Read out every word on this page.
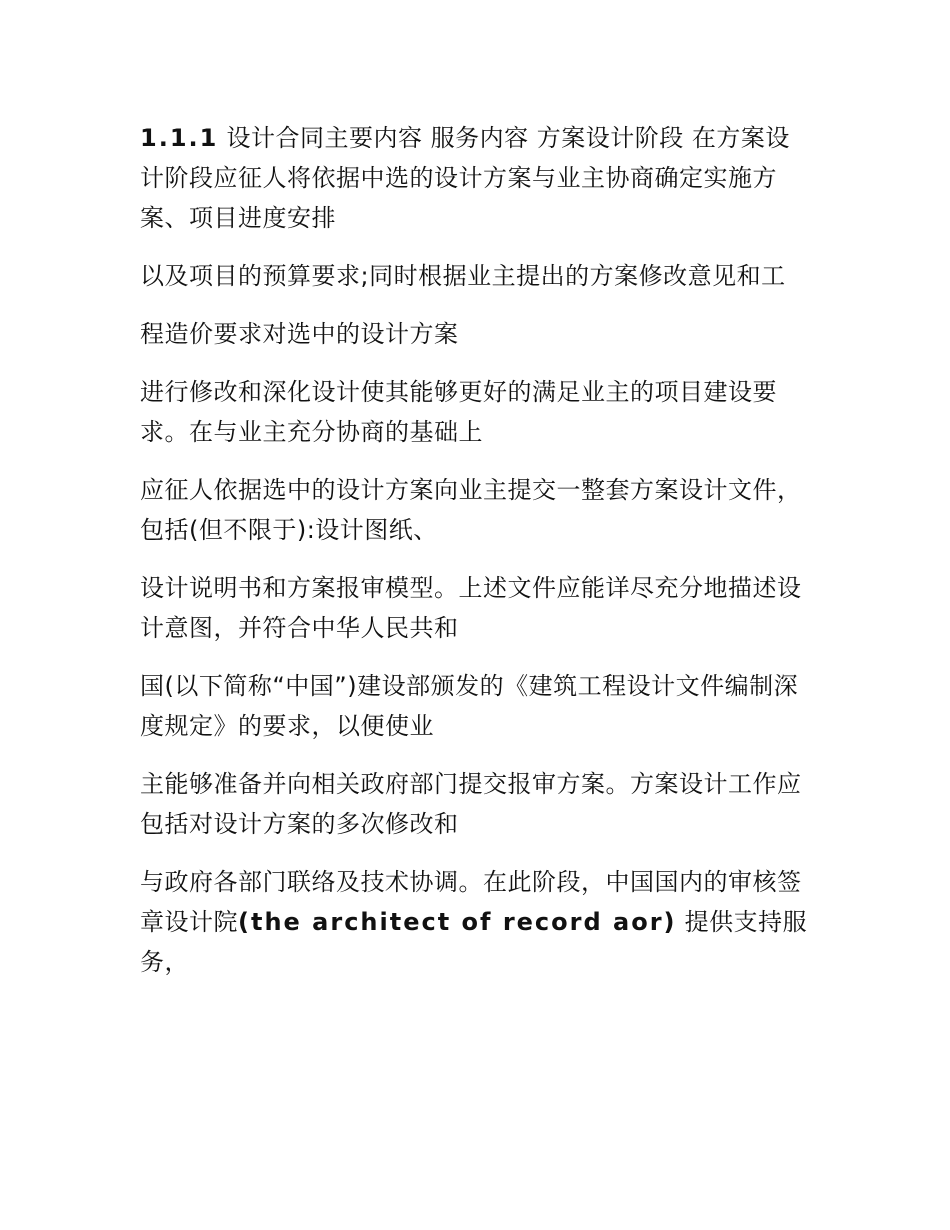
1.1.1 设计合同主要内容 服务内容 方案设计阶段 在方案设计阶段应征人将依据中选的设计方案与业主协商确定实施方案、项目进度安排

以及项目的预算要求;同时根据业主提出的方案修改意见和工

程造价要求对选中的设计方案

进行修改和深化设计使其能够更好的满足业主的项目建设要求。在与业主充分协商的基础上

应征人依据选中的设计方案向业主提交一整套方案设计文件，包括(但不限于):设计图纸、

设计说明书和方案报审模型。上述文件应能详尽充分地描述设计意图，并符合中华人民共和

国(以下简称“中国”)建设部颁发的《建筑工程设计文件编制深度规定》的要求，以便使业

主能够准备并向相关政府部门提交报审方案。方案设计工作应包括对设计方案的多次修改和

与政府各部门联络及技术协调。在此阶段，中国国内的审核签章设计院(the architect of record aor) 提供支持服务，
